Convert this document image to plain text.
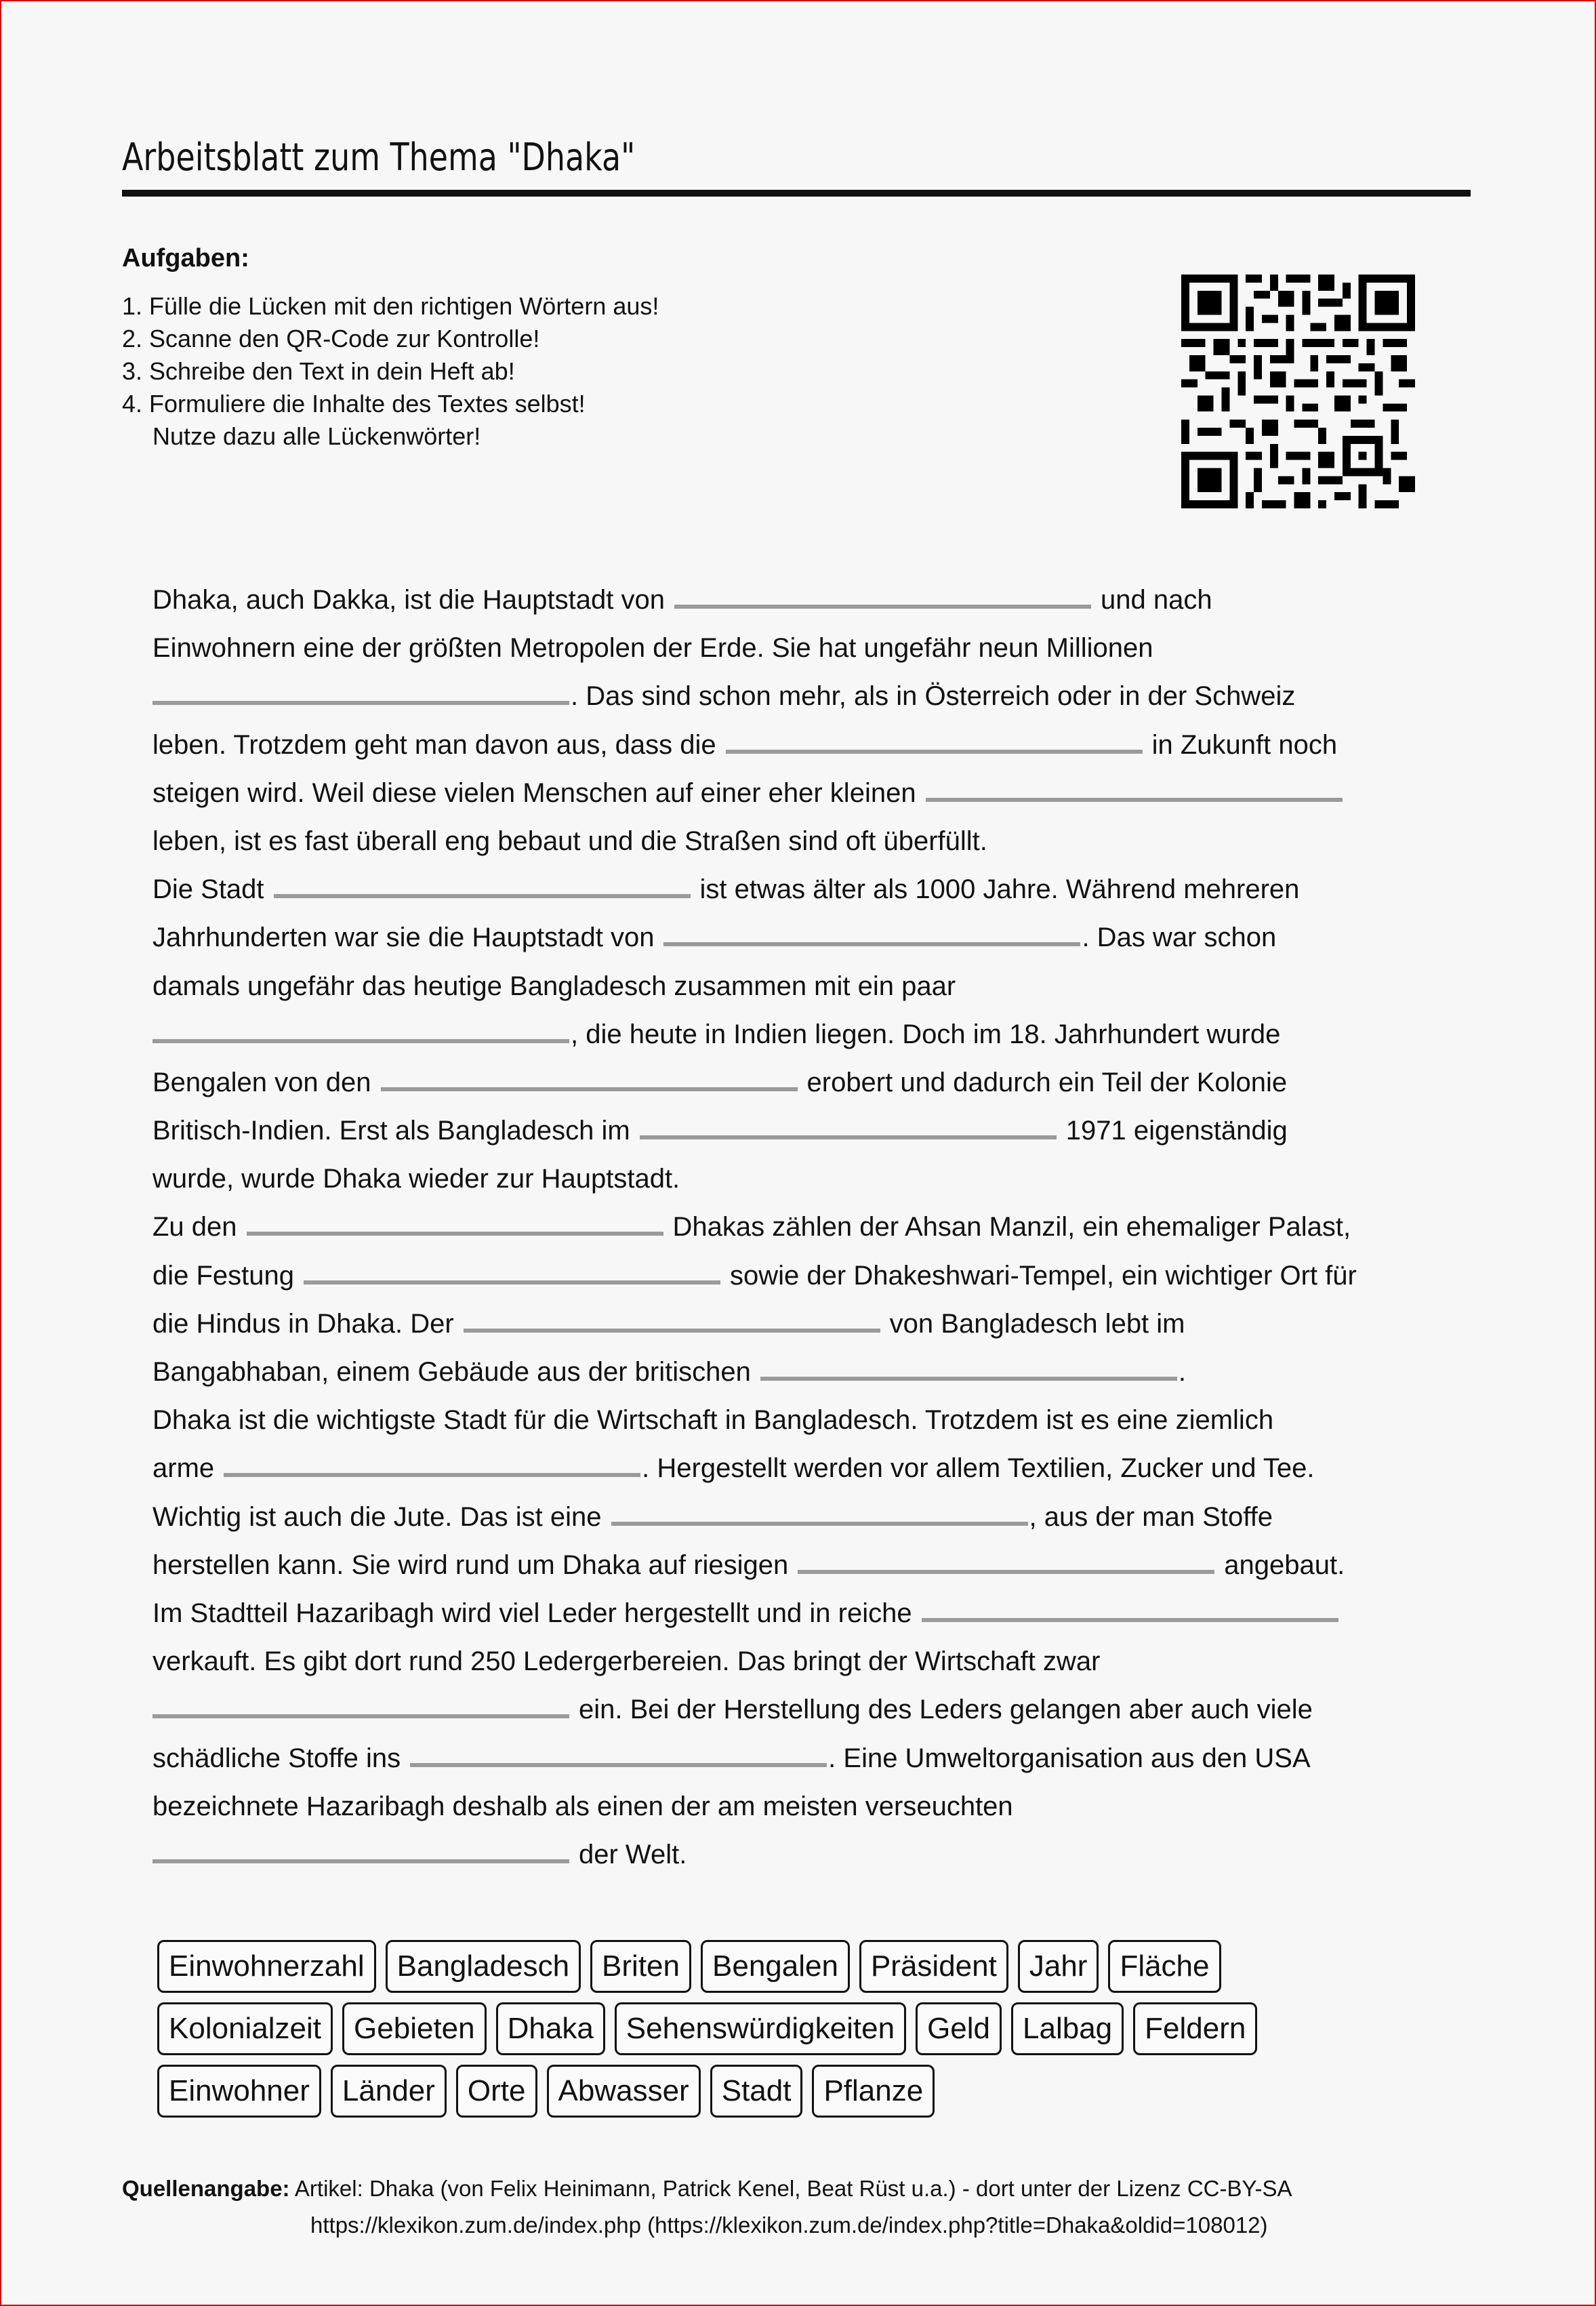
Arbeitsblatt zum Thema "Dhaka"
Aufgaben:
1. Fülle die Lücken mit den richtigen Wörtern aus!
2. Scanne den QR-Code zur Kontrolle!
3. Schreibe den Text in dein Heft ab!
4. Formuliere die Inhalte des Textes selbst!
Nutze dazu alle Lückenwörter!
Dhaka, auch Dakka, ist die Hauptstadt von	und nach
Einwohnern eine der größten Metropolen der Erde. Sie hat ungefähr neun Millionen
. Das sind schon mehr, als in Österreich oder in der Schweiz
leben. Trotzdem geht man davon aus, dass die	in Zukunft noch
steigen wird. Weil diese vielen Menschen auf einer eher kleinen
leben, ist es fast überall eng bebaut und die Straßen sind oft überfüllt.
Die Stadt	ist etwas älter als 1000 Jahre. Während mehreren
Jahrhunderten war sie die Hauptstadt von	. Das war schon
damals ungefähr das heutige Bangladesch zusammen mit ein paar
, die heute in Indien liegen. Doch im 18. Jahrhundert wurde
Bengalen von den	erobert und dadurch ein Teil der Kolonie
Britisch-Indien. Erst als Bangladesch im	1971 eigenständig
wurde, wurde Dhaka wieder zur Hauptstadt.
Zu den	Dhakas zählen der Ahsan Manzil, ein ehemaliger Palast,
die Festung	sowie der Dhakeshwari-Tempel, ein wichtiger Ort für
die Hindus in Dhaka. Der	von Bangladesch lebt im
Bangabhaban, einem Gebäude aus der britischen	.
Dhaka ist die wichtigste Stadt für die Wirtschaft in Bangladesch. Trotzdem ist es eine ziemlich
arme	. Hergestellt werden vor allem Textilien, Zucker und Tee.
Wichtig ist auch die Jute. Das ist eine	, aus der man Stoffe
herstellen kann. Sie wird rund um Dhaka auf riesigen	angebaut.
Im Stadtteil Hazaribagh wird viel Leder hergestellt und in reiche
verkauft. Es gibt dort rund 250 Ledergerbereien. Das bringt der Wirtschaft zwar
ein. Bei der Herstellung des Leders gelangen aber auch viele
schädliche Stoffe ins	. Eine Umweltorganisation aus den USA
bezeichnete Hazaribagh deshalb als einen der am meisten verseuchten
der Welt.
Einwohnerzahl	Bangladesch	Briten	Bengalen	Präsident	Jahr	Fläche
Kolonialzeit	Gebieten	Dhaka	Sehenswürdigkeiten	Geld	Lalbag	Feldern
Einwohner	Länder	Orte	Abwasser	Stadt	Pflanze
Quellenangabe: Artikel: Dhaka (von Felix Heinimann, Patrick Kenel, Beat Rüst u.a.) - dort unter der Lizenz CC-BY-SA
https://klexikon.zum.de/index.php (https://klexikon.zum.de/index.php?title=Dhaka&oldid=108012)
